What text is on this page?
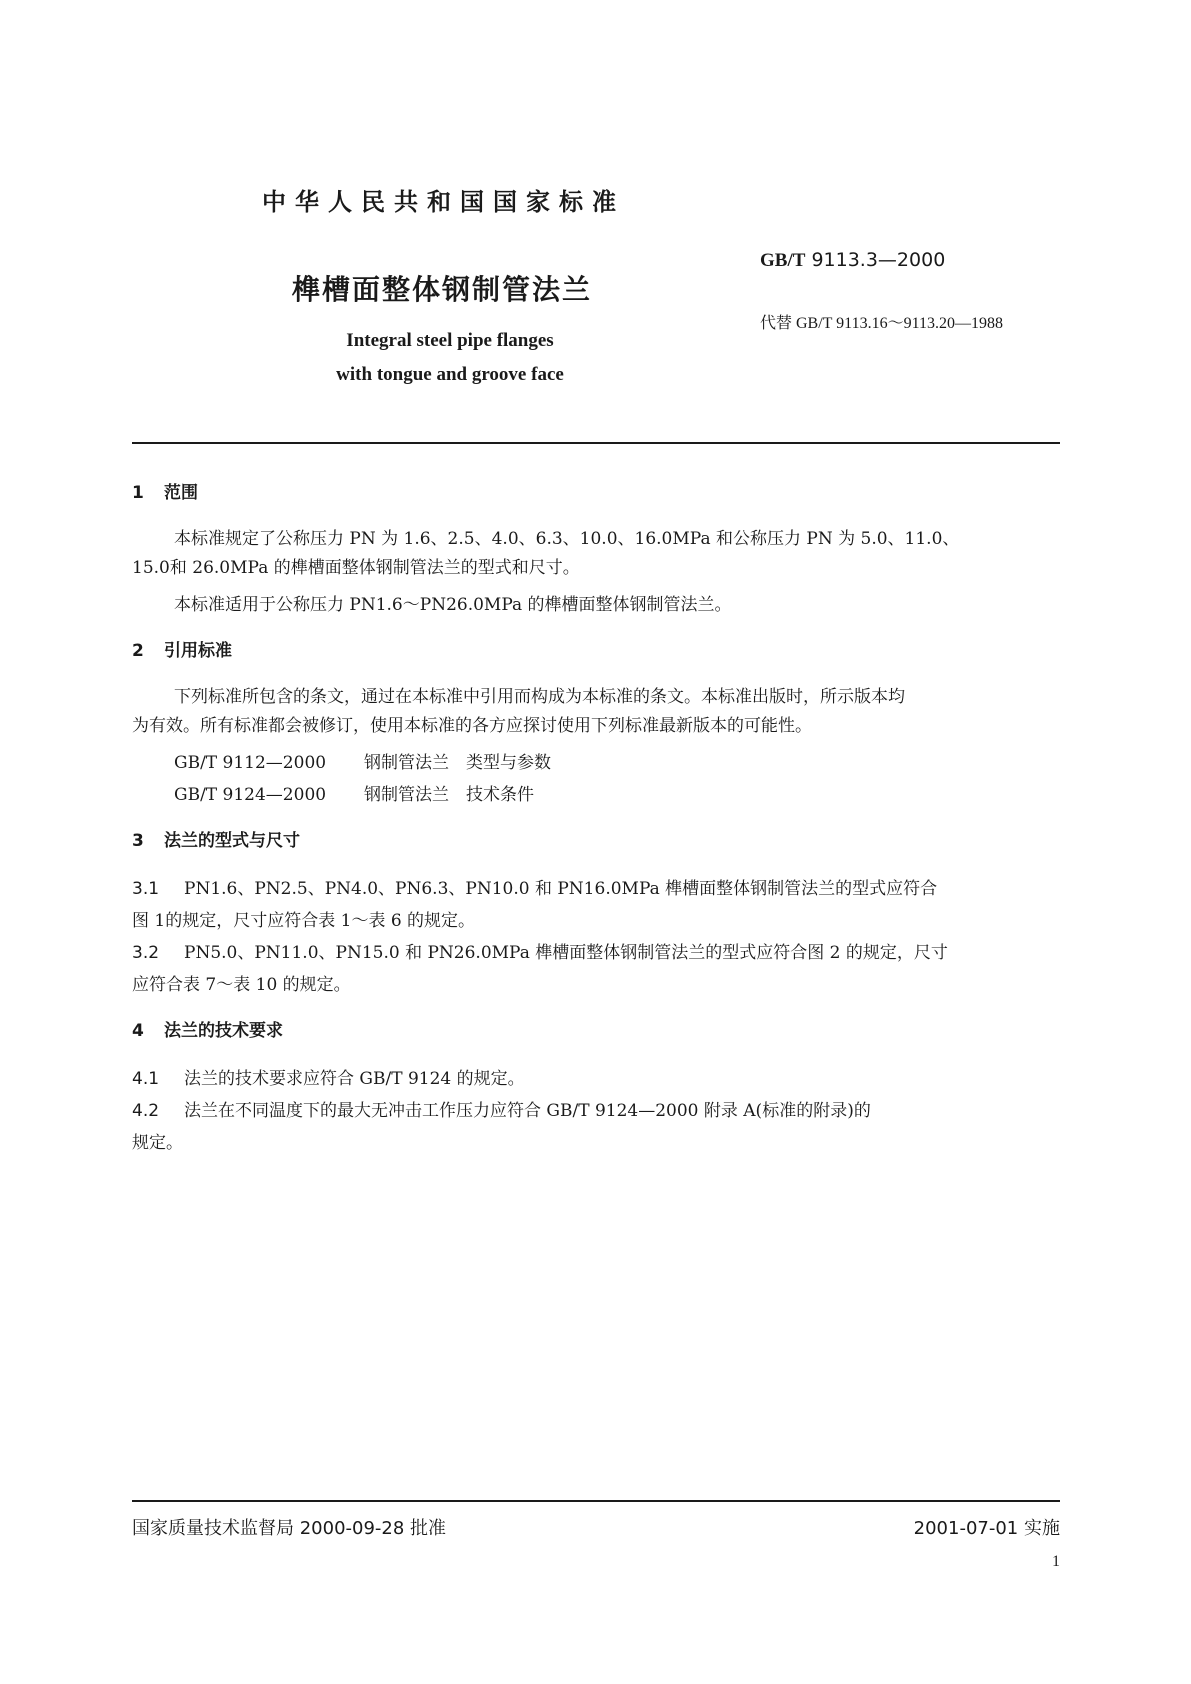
中华人民共和国国家标准
榫槽面整体钢制管法兰
GB/T 9113.3—2000
代替 GB/T 9113.16～9113.20—1988
Integral steel pipe flanges
with tongue and groove face
1 范围
本标准规定了公称压力 PN 为 1.6、2.5、4.0、6.3、10.0、16.0MPa 和公称压力 PN 为 5.0、11.0、
15.0和 26.0MPa 的榫槽面整体钢制管法兰的型式和尺寸。
本标准适用于公称压力 PN1.6～PN26.0MPa 的榫槽面整体钢制管法兰。
2 引用标准
下列标准所包含的条文，通过在本标准中引用而构成为本标准的条文。本标准出版时，所示版本均
为有效。所有标准都会被修订，使用本标准的各方应探讨使用下列标准最新版本的可能性。
GB/T 9112—2000 钢制管法兰　类型与参数
GB/T 9124—2000 钢制管法兰　技术条件
3 法兰的型式与尺寸
3.1 PN1.6、PN2.5、PN4.0、PN6.3、PN10.0 和 PN16.0MPa 榫槽面整体钢制管法兰的型式应符合
图 1的规定，尺寸应符合表 1～表 6 的规定。
3.2 PN5.0、PN11.0、PN15.0 和 PN26.0MPa 榫槽面整体钢制管法兰的型式应符合图 2 的规定，尺寸
应符合表 7～表 10 的规定。
4 法兰的技术要求
4.1 法兰的技术要求应符合 GB/T 9124 的规定。
4.2 法兰在不同温度下的最大无冲击工作压力应符合 GB/T 9124—2000 附录 A(标准的附录)的
规定。
国家质量技术监督局 2000-09-28 批准	2001-07-01 实施
1
